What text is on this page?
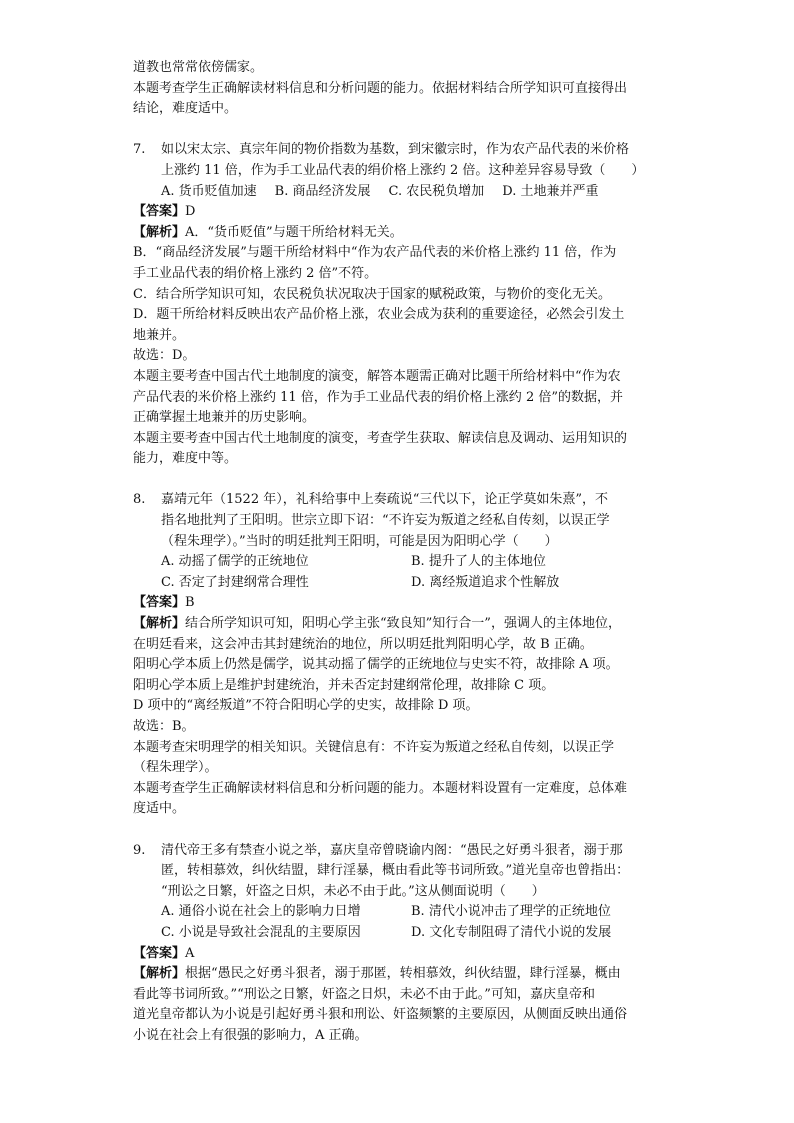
道教也常常依傍儒家。
本题考查学生正确解读材料信息和分析问题的能力。依据材料结合所学知识可直接得出
结论，难度适中。
7. 如以宋太宗、真宗年间的物价指数为基数，到宋徽宗时，作为农产品代表的米价格
上涨约 11 倍，作为手工业品代表的绢价格上涨约 2 倍。这种差异容易导致（　　）
A. 货币贬值加速 B. 商品经济发展 C. 农民税负增加 D. 土地兼并严重
【答案】D
【解析】A．“货币贬值”与题干所给材料无关。
B．“商品经济发展”与题干所给材料中“作为农产品代表的米价格上涨约 11 倍，作为
手工业品代表的绢价格上涨约 2 倍”不符。
C．结合所学知识可知，农民税负状况取决于国家的赋税政策，与物价的变化无关。
D．题干所给材料反映出农产品价格上涨，农业会成为获利的重要途径，必然会引发土
地兼并。
故选：D。
本题主要考查中国古代土地制度的演变，解答本题需正确对比题干所给材料中“作为农
产品代表的米价格上涨约 11 倍，作为手工业品代表的绢价格上涨约 2 倍”的数据，并
正确掌握土地兼并的历史影响。
本题主要考查中国古代土地制度的演变，考查学生获取、解读信息及调动、运用知识的
能力，难度中等。
8. 嘉靖元年（1522 年），礼科给事中上奏疏说“三代以下，论正学莫如朱熹”，不
指名地批判了王阳明。世宗立即下诏：“不许妄为叛道之经私自传刻，以误正学
（程朱理学）。”当时的明廷批判王阳明，可能是因为阳明心学（　　）
A. 动摇了儒学的正统地位	B. 提升了人的主体地位
C. 否定了封建纲常合理性	D. 离经叛道追求个性解放
【答案】B
【解析】结合所学知识可知，阳明心学主张“致良知”知行合一”，强调人的主体地位，
在明廷看来，这会冲击其封建统治的地位，所以明廷批判阳明心学，故 B 正确。
阳明心学本质上仍然是儒学，说其动摇了儒学的正统地位与史实不符，故排除 A 项。
阳明心学本质上是维护封建统治，并未否定封建纲常伦理，故排除 C 项。
D 项中的“离经叛道”不符合阳明心学的史实，故排除 D 项。
故选：B。
本题考查宋明理学的相关知识。关键信息有：不许妄为叛道之经私自传刻，以误正学
（程朱理学）。
本题考查学生正确解读材料信息和分析问题的能力。本题材料设置有一定难度，总体难
度适中。
9. 清代帝王多有禁查小说之举，嘉庆皇帝曾晓谕内阁：“愚民之好勇斗狠者，溺于那
匿，转相慕效，纠伙结盟，肆行淫暴，概由看此等书词所致。”道光皇帝也曾指出：
“刑讼之日繁，奸盗之日炽，未必不由于此。”这从侧面说明（　　）
A. 通俗小说在社会上的影响力日增	B. 清代小说冲击了理学的正统地位
C. 小说是导致社会混乱的主要原因	D. 文化专制阻碍了清代小说的发展
【答案】A
【解析】根据“愚民之好勇斗狠者，溺于那匿，转相慕效，纠伙结盟，肆行淫暴，概由
看此等书词所致。”“刑讼之日繁，奸盗之日炽，未必不由于此。”可知，嘉庆皇帝和
道光皇帝都认为小说是引起好勇斗狠和刑讼、奸盗频繁的主要原因，从侧面反映出通俗
小说在社会上有很强的影响力，A 正确。
